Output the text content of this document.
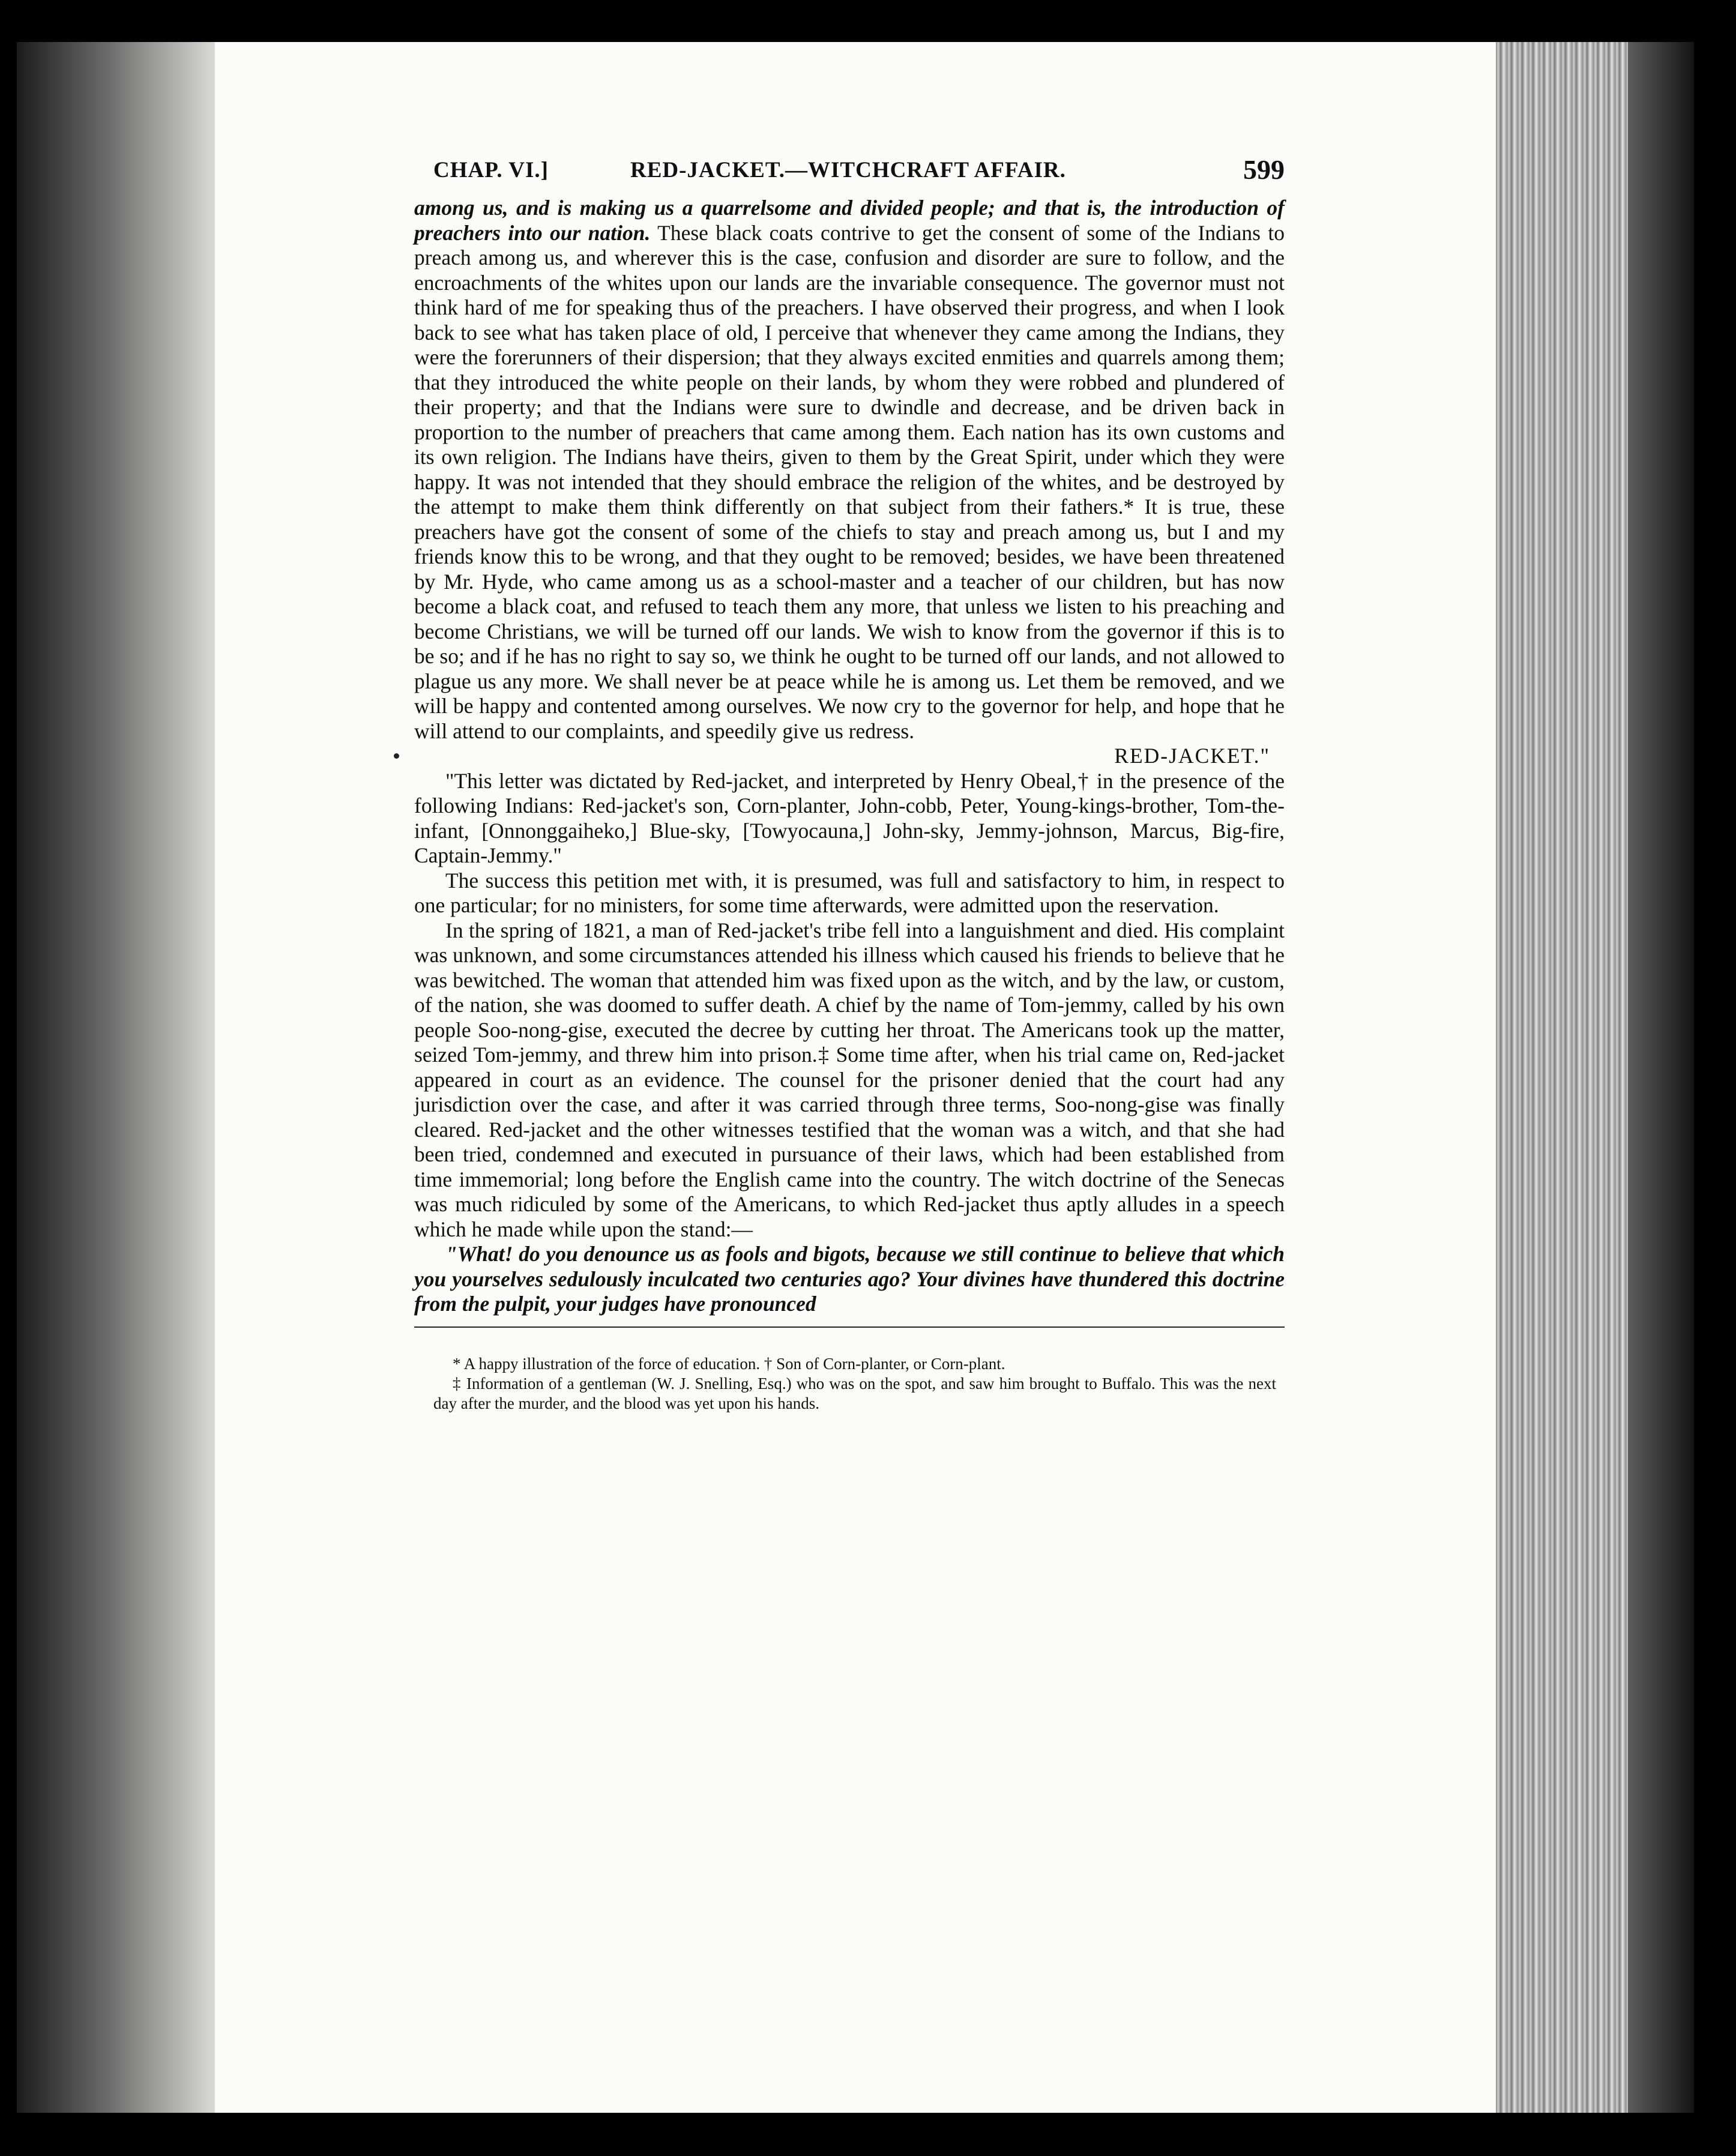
CHAP. VI.]	RED-JACKET.—WITCHCRAFT AFFAIR.	599

among us, and is making us a quarrelsome and divided people; and that is, the introduction of preachers into our nation. These black coats contrive to get the consent of some of the Indians to preach among us, and wherever this is the case, confusion and disorder are sure to follow, and the encroachments of the whites upon our lands are the invariable consequence. The governor must not think hard of me for speaking thus of the preachers. I have observed their progress, and when I look back to see what has taken place of old, I perceive that whenever they came among the Indians, they were the forerunners of their dispersion; that they always excited enmities and quarrels among them; that they introduced the white people on their lands, by whom they were robbed and plundered of their property; and that the Indians were sure to dwindle and decrease, and be driven back in proportion to the number of preachers that came among them. Each nation has its own customs and its own religion. The Indians have theirs, given to them by the Great Spirit, under which they were happy. It was not intended that they should embrace the religion of the whites, and be destroyed by the attempt to make them think differently on that subject from their fathers.* It is true, these preachers have got the consent of some of the chiefs to stay and preach among us, but I and my friends know this to be wrong, and that they ought to be removed; besides, we have been threatened by Mr. Hyde, who came among us as a school-master and a teacher of our children, but has now become a black coat, and refused to teach them any more, that unless we listen to his preaching and become Christians, we will be turned off our lands. We wish to know from the governor if this is to be so; and if he has no right to say so, we think he ought to be turned off our lands, and not allowed to plague us any more. We shall never be at peace while he is among us. Let them be removed, and we will be happy and contented among ourselves. We now cry to the governor for help, and hope that he will attend to our complaints, and speedily give us redress.

RED-JACKET."

"This letter was dictated by Red-jacket, and interpreted by Henry Obeal,† in the presence of the following Indians: Red-jacket's son, Corn-planter, John-cobb, Peter, Young-kings-brother, Tom-the-infant, [Onnonggaiheko,] Blue-sky, [Towyocauna,] John-sky, Jemmy-johnson, Marcus, Big-fire, Captain-Jemmy."

The success this petition met with, it is presumed, was full and satisfactory to him, in respect to one particular; for no ministers, for some time afterwards, were admitted upon the reservation.

In the spring of 1821, a man of Red-jacket's tribe fell into a languishment and died. His complaint was unknown, and some circumstances attended his illness which caused his friends to believe that he was bewitched. The woman that attended him was fixed upon as the witch, and by the law, or custom, of the nation, she was doomed to suffer death. A chief by the name of Tom-jemmy, called by his own people Soo-nong-gise, executed the decree by cutting her throat. The Americans took up the matter, seized Tom-jemmy, and threw him into prison.‡ Some time after, when his trial came on, Red-jacket appeared in court as an evidence. The counsel for the prisoner denied that the court had any jurisdiction over the case, and after it was carried through three terms, Soo-nong-gise was finally cleared. Red-jacket and the other witnesses testified that the woman was a witch, and that she had been tried, condemned and executed in pursuance of their laws, which had been established from time immemorial; long before the English came into the country. The witch doctrine of the Senecas was much ridiculed by some of the Americans, to which Red-jacket thus aptly alludes in a speech which he made while upon the stand:—

"What! do you denounce us as fools and bigots, because we still continue to believe that which you yourselves sedulously inculcated two centuries ago? Your divines have thundered this doctrine from the pulpit, your judges have pronounced

* A happy illustration of the force of education. † Son of Corn-planter, or Corn-plant.

‡ Information of a gentleman (W. J. Snelling, Esq.) who was on the spot, and saw him brought to Buffalo. This was the next day after the murder, and the blood was yet upon his hands.
